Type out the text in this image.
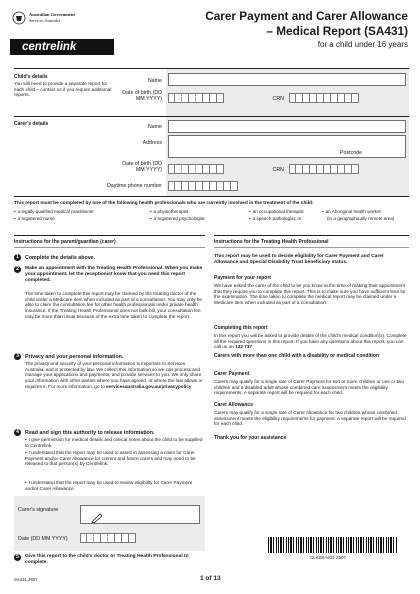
Australian Government
Services Australia
centrelink
Carer Payment and Carer Allowance
– Medical Report (SA431)
for a child under 16 years
Child's details
You will need to provide a separate report for each child – contact us if you require additional reports.
Name
Date of birth (DD MM YYYY)	CRN
Carer's details	Name
Address
Postcode
Date of birth (DD MM YYYY)	CRN
Daytime phone number
This report must be completed by one of the following health professionals who are currently involved in the treatment of the child:
• a legally qualified medical practitioner	• a physiotherapist	• an occupational therapist	• an Aboriginal health worker
• a registered nurse	• a registered psychologist	• a speech pathologist, or	(in a geographically remote area)
Instructions for the parent/guardian (carer)
1	Complete the details above.
2	Make an appointment with the Treating Health Professional. When you make your appointment, let the receptionist know that you need this report completed.
The time taken to complete this report may be claimed by the treating doctor of the child under a Medicare item when included as part of a consultation. You may only be able to claim the consultation fee for other health professionals under private health insurance. If the Treating Health Professional does not bulk bill, your consultation fee may be more than usual because of the extra time taken to complete the report.
3	Privacy and your personal information.
The privacy and security of your personal information is important to Services Australia, and is protected by law. We collect this information so we can process and manage your applications and payments, and provide services to you. We only share your information with other parties where you have agreed, or where the law allows or requires it. For more information, go to servicesaustralia.gov.au/privacypolicy
4	Read and sign this authority to release information.
• I give permission for medical details and clinical notes about the child to be supplied to Centrelink.
• I understand that the report may be used to assist in assessing a claim for Carer Payment and/or Carer Allowance for current and future carers and may need to be released to that person(s) by Centrelink.
• I understand that the report may be used to review eligibility for Carer Payment and/or Carer Allowance.
Carer's signature
Date (DD MM YYYY)
5	Give this report to the child's doctor or Treating Health Professional to complete.
Instructions for the Treating Health Professional
This report may be used to decide eligibility for Carer Payment and Carer Allowance and Special Disability Trust beneficiary status.
Payment for your report
We have asked the carer of the child to let you know at the time of making their appointment that they require you to complete this report. This is to make sure you have sufficient time for the examination. The time taken to complete the medical report may be claimed under a Medicare item when included as part of a consultation.
Completing this report
In this report you will be asked to provide details of the child's medical condition(s). Complete all the required questions in this report. If you have any questions about this report, you can call us on 132 717
Carers with more than one child with a disability or medical condition
Carer Payment
Carers may qualify for a single rate of Carer Payment for two or more children or one or two children and a disabled adult whose combined care assessment meets the eligibility requirements. A separate report will be required for each child.
Carer Allowance
Carers may qualify for a single rate of Carer Allowance for two children whose combined assessment meets the eligibility requirements for payment. A separate report will be required for each child.
Thank you for your assistance
CLK0SA431 2507
SA431.2507	1 of 13
